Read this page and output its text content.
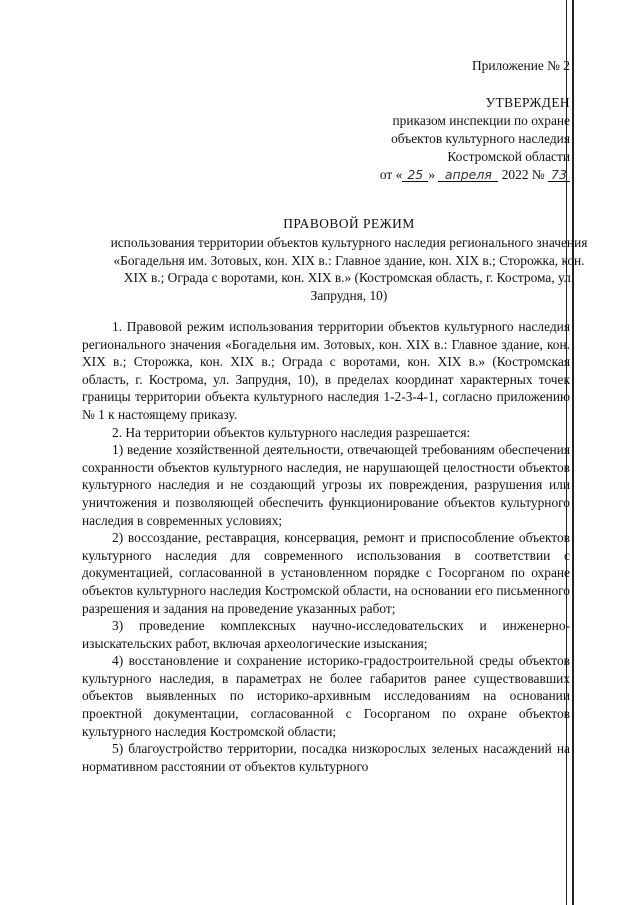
Приложение № 2
УТВЕРЖДЕН
приказом инспекции по охране
объектов культурного наследия
Костромской области
от « 25 » апреля 2022 № 73
ПРАВОВОЙ РЕЖИМ
использования территории объектов культурного наследия регионального значения «Богадельня им. Зотовых, кон. XIX в.: Главное здание, кон. XIX в.; Сторожка, кон. XIX в.; Ограда с воротами, кон. XIX в.» (Костромская область, г. Кострома, ул. Запрудня, 10)

1. Правовой режим использования территории объектов культурного наследия регионального значения «Богадельня им. Зотовых, кон. XIX в.: Главное здание, кон. XIX в.; Сторожка, кон. XIX в.; Ограда с воротами, кон. XIX в.» (Костромская область, г. Кострома, ул. Запрудня, 10), в пределах координат характерных точек границы территории объекта культурного наследия 1-2-3-4-1, согласно приложению № 1 к настоящему приказу.

2. На территории объектов культурного наследия разрешается:

1) ведение хозяйственной деятельности, отвечающей требованиям обеспечения сохранности объектов культурного наследия, не нарушающей целостности объектов культурного наследия и не создающий угрозы их повреждения, разрушения или уничтожения и позволяющей обеспечить функционирование объектов культурного наследия в современных условиях;

2) воссоздание, реставрация, консервация, ремонт и приспособление объектов культурного наследия для современного использования в соответствии с документацией, согласованной в установленном порядке с Госорганом по охране объектов культурного наследия Костромской области, на основании его письменного разрешения и задания на проведение указанных работ;

3) проведение комплексных научно-исследовательских и инженерно-изыскательских работ, включая археологические изыскания;

4) восстановление и сохранение историко-градостроительной среды объектов культурного наследия, в параметрах не более габаритов ранее существовавших объектов выявленных по историко-архивным исследованиям на основании проектной документации, согласованной с Госорганом по охране объектов культурного наследия Костромской области;

5) благоустройство территории, посадка низкорослых зеленых насаждений на нормативном расстоянии от объектов культурного
